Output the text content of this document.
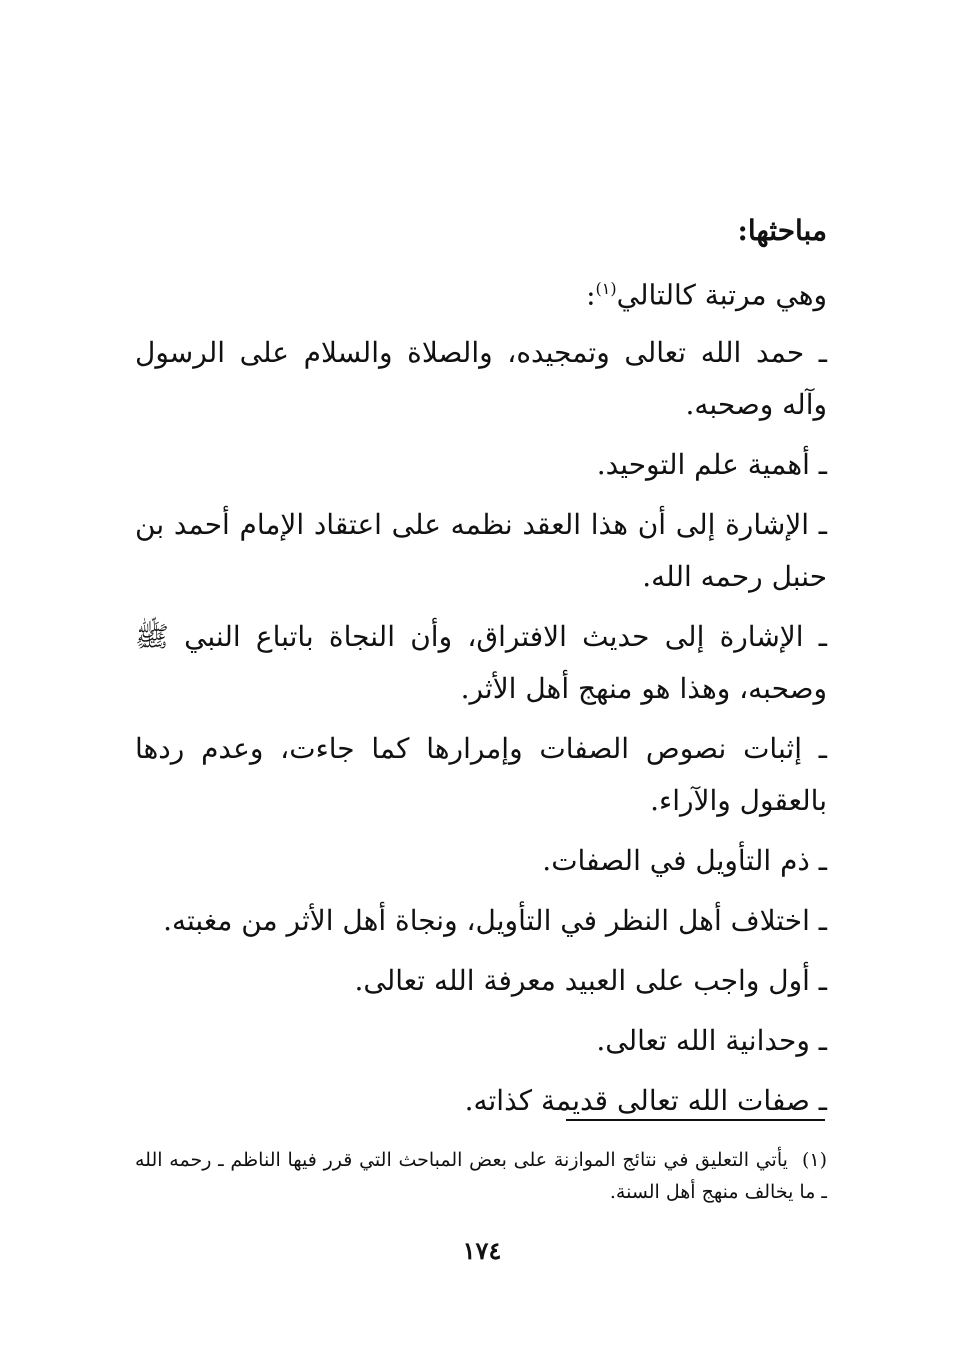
مباحثها:

وهي مرتبة كالتالي$^{(١)}$:

ـ حمد الله تعالى وتمجيده، والصلاة والسلام على الرسول وآله وصحبه.

ـ أهمية علم التوحيد.

ـ الإشارة إلى أن هذا العقد نظمه على اعتقاد الإمام أحمد بن حنبل رحمه الله.

ـ الإشارة إلى حديث الافتراق، وأن النجاة باتباع النبي ﷺ وصحبه، وهذا هو منهج أهل الأثر.

ـ إثبات نصوص الصفات وإمرارها كما جاءت، وعدم ردها بالعقول والآراء.

ـ ذم التأويل في الصفات.

ـ اختلاف أهل النظر في التأويل، ونجاة أهل الأثر من مغبته.

ـ أول واجب على العبيد معرفة الله تعالى.

ـ وحدانية الله تعالى.

ـ صفات الله تعالى قديمة كذاته.

(١)يأتي التعليق في نتائج الموازنة على بعض المباحث التي قرر فيها الناظم ـ رحمه الله ـ ما يخالف منهج أهل السنة.
١٧٤
